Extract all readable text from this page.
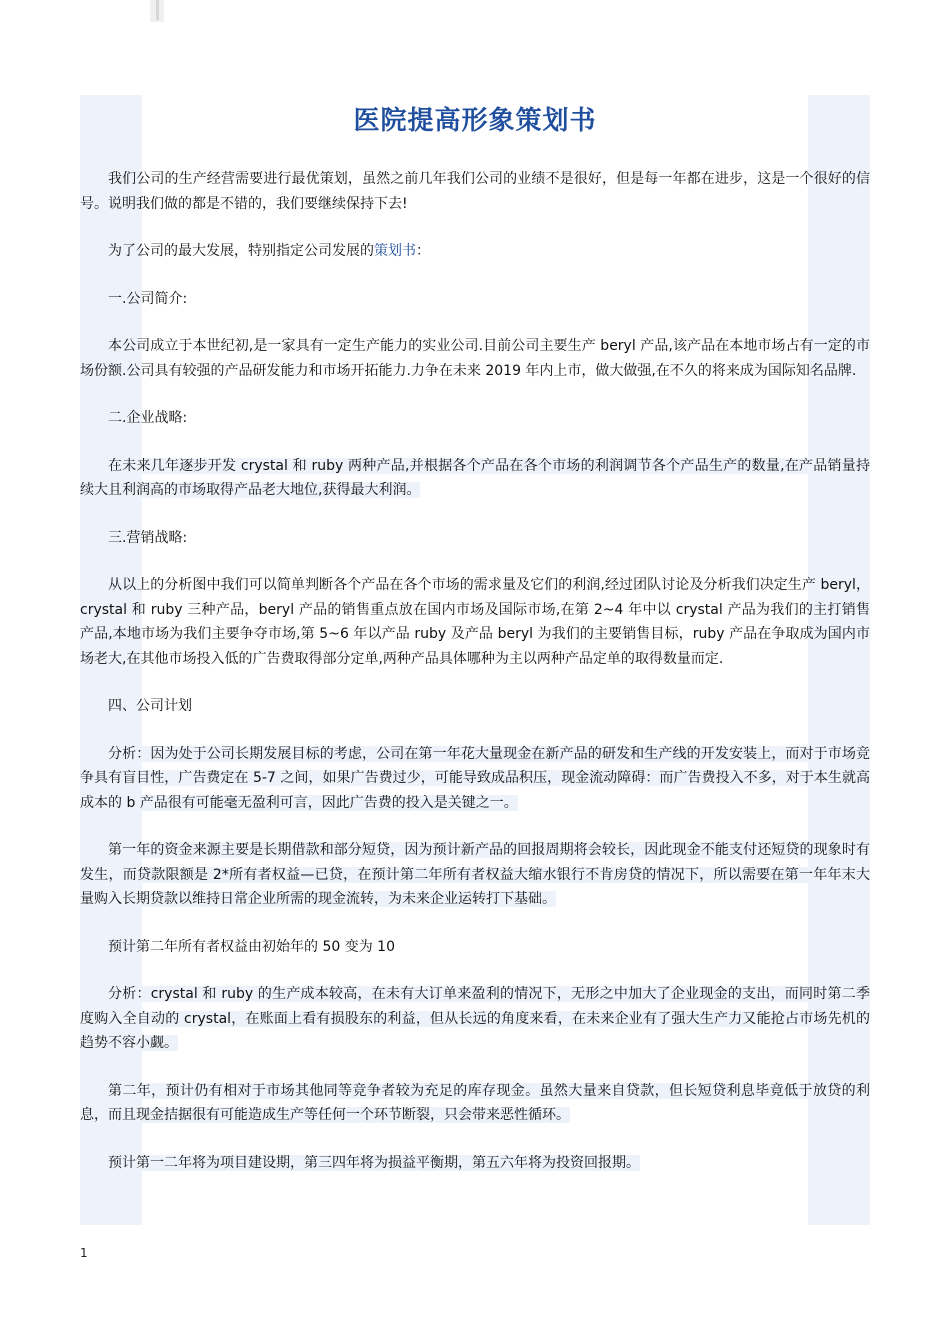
医院提高形象策划书

我们公司的生产经营需要进行最优策划，虽然之前几年我们公司的业绩不是很好，但是每一年都在进步，这是一个很好的信号。说明我们做的都是不错的，我们要继续保持下去!

为了公司的最大发展，特别指定公司发展的策划书：

一.公司简介:

本公司成立于本世纪初,是一家具有一定生产能力的实业公司.目前公司主要生产 beryl 产品,该产品在本地市场占有一定的市场份额.公司具有较强的产品研发能力和市场开拓能力.力争在未来 2019 年内上市，做大做强,在不久的将来成为国际知名品牌.

二.企业战略:

在未来几年逐步开发 crystal 和 ruby 两种产品,并根据各个产品在各个市场的利润调节各个产品生产的数量,在产品销量持续大且利润高的市场取得产品老大地位,获得最大利润。

三.营销战略:

从以上的分析图中我们可以简单判断各个产品在各个市场的需求量及它们的利润,经过团队讨论及分析我们决定生产 beryl，crystal 和 ruby 三种产品，beryl 产品的销售重点放在国内市场及国际市场,在第 2~4 年中以 crystal 产品为我们的主打销售产品,本地市场为我们主要争夺市场,第 5~6 年以产品 ruby 及产品 beryl 为我们的主要销售目标，ruby 产品在争取成为国内市场老大,在其他市场投入低的广告费取得部分定单,两种产品具体哪种为主以两种产品定单的取得数量而定.

四、公司计划

分析：因为处于公司长期发展目标的考虑，公司在第一年花大量现金在新产品的研发和生产线的开发安装上，而对于市场竞争具有盲目性，广告费定在 5-7 之间，如果广告费过少，可能导致成品积压，现金流动障碍：而广告费投入不多，对于本生就高成本的 b 产品很有可能毫无盈利可言，因此广告费的投入是关键之一。

第一年的资金来源主要是长期借款和部分短贷，因为预计新产品的回报周期将会较长，因此现金不能支付还短贷的现象时有发生，而贷款限额是 2*所有者权益—已贷，在预计第二年所有者权益大缩水银行不肯房贷的情况下，所以需要在第一年年末大量购入长期贷款以维持日常企业所需的现金流转，为未来企业运转打下基础。

预计第二年所有者权益由初始年的 50 变为 10

分析：crystal 和 ruby 的生产成本较高，在未有大订单来盈利的情况下，无形之中加大了企业现金的支出，而同时第二季度购入全自动的 crystal，在账面上看有损股东的利益，但从长远的角度来看，在未来企业有了强大生产力又能抢占市场先机的趋势不容小觑。

第二年，预计仍有相对于市场其他同等竞争者较为充足的库存现金。虽然大量来自贷款，但长短贷利息毕竟低于放贷的利息，而且现金拮据很有可能造成生产等任何一个环节断裂，只会带来恶性循环。

预计第一二年将为项目建设期，第三四年将为损益平衡期，第五六年将为投资回报期。

1
